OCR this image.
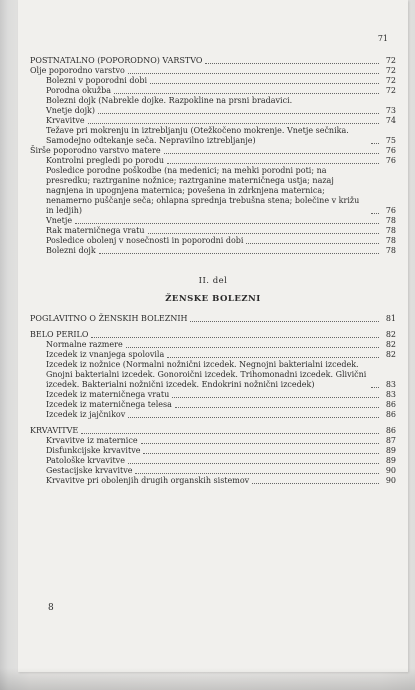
71
POSTNATALNO (POPORODNO) VARSTVO	72
Olje poporodno varstvo	72
Bolezni v poporodni dobi	72
Porodna okužba	72
Bolezni dojk (Nabrekle dojke. Razpokline na prsni bradavici.
Vnetje dojk)	73
Krvavitve	74
Težave pri mokrenju in iztrebljanju (Otežkočeno mokrenje. Vnetje sečnika. Samodejno odtekanje seča. Nepravilno iztrebljanje)	75
Širše poporodno varstvo matere	76
Kontrolni pregledi po porodu	76
Posledice porodne poškodbe (na medenici; na mehki porodni poti; na presredku; raztrganine nožnice; raztrganine materničnega ustja; nazaj nagnjena in upognjena maternica; povešena in zdrknjena maternica; nenamerno puščanje seča; ohlapna sprednja trebušna stena; bolečine v križu in ledjih)	76
Vnetje	78
Rak materničnega vratu	78
Posledice obolenj v nosečnosti in poporodni dobi	78
Bolezni dojk	78
II. del
ŽENSKE BOLEZNI
POGLAVITNO O ŽENSKIH BOLEZNIH	81
BELO PERILO	82
Normalne razmere	82
Izcedek iz vnanjega spolovila	82
Izcedek iz nožnice (Normalni nožnični izcedek. Negnojni bakterialni izcedek. Gnojni bakterialni izcedek. Gonoroični izcedek. Trihomonadni izcedek. Glivični izcedek. Bakterialni nožnični izcedek. Endokrini nožnični izcedek)	83
Izcedek iz materničnega vratu	83
Izcedek iz materničnega telesa	86
Izcedek iz jajčnikov	86
KRVAVITVE	86
Krvavitve iz maternice	87
Disfunkcijske krvavitve	89
Patološke krvavitve	89
Gestacijske krvavitve	90
Krvavitve pri obolenjih drugih organskih sistemov	90
8
